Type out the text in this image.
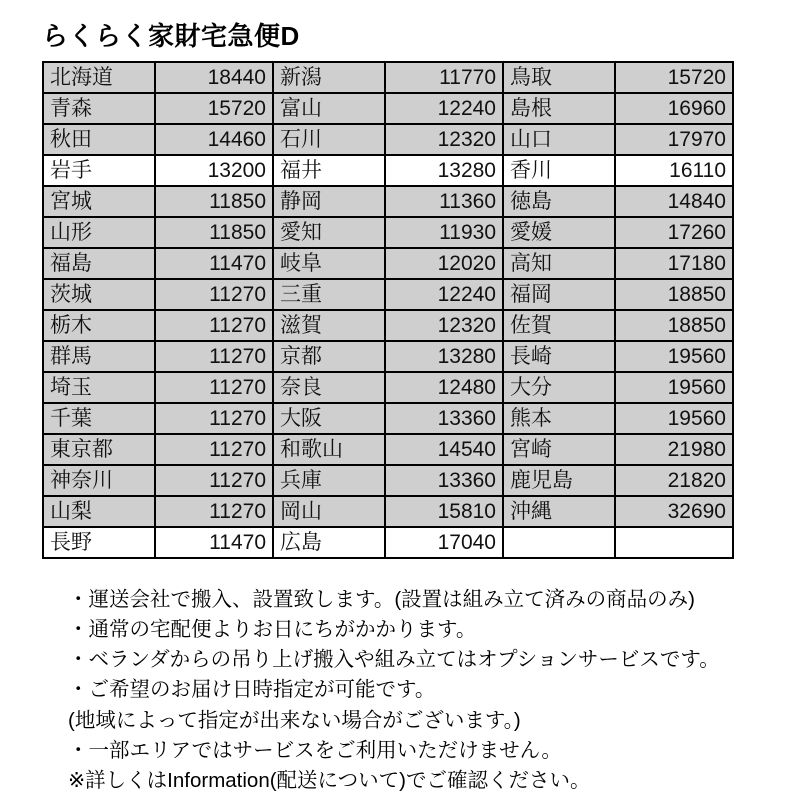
らくらく家財宅急便D
北海道	18440	新潟	11770	鳥取	15720
青森	15720	富山	12240	島根	16960
秋田	14460	石川	12320	山口	17970
岩手	13200	福井	13280	香川	16110
宮城	11850	静岡	11360	徳島	14840
山形	11850	愛知	11930	愛媛	17260
福島	11470	岐阜	12020	高知	17180
茨城	11270	三重	12240	福岡	18850
栃木	11270	滋賀	12320	佐賀	18850
群馬	11270	京都	13280	長崎	19560
埼玉	11270	奈良	12480	大分	19560
千葉	11270	大阪	13360	熊本	19560
東京都	11270	和歌山	14540	宮崎	21980
神奈川	11270	兵庫	13360	鹿児島	21820
山梨	11270	岡山	15810	沖縄	32690
長野	11470	広島	17040		
・運送会社で搬入、設置致します。(設置は組み立て済みの商品のみ)
・通常の宅配便よりお日にちがかかります。
・ベランダからの吊り上げ搬入や組み立てはオプションサービスです。
・ご希望のお届け日時指定が可能です。
(地域によって指定が出来ない場合がございます。)
・一部エリアではサービスをご利用いただけません。
※詳しくはInformation(配送について)でご確認ください。
